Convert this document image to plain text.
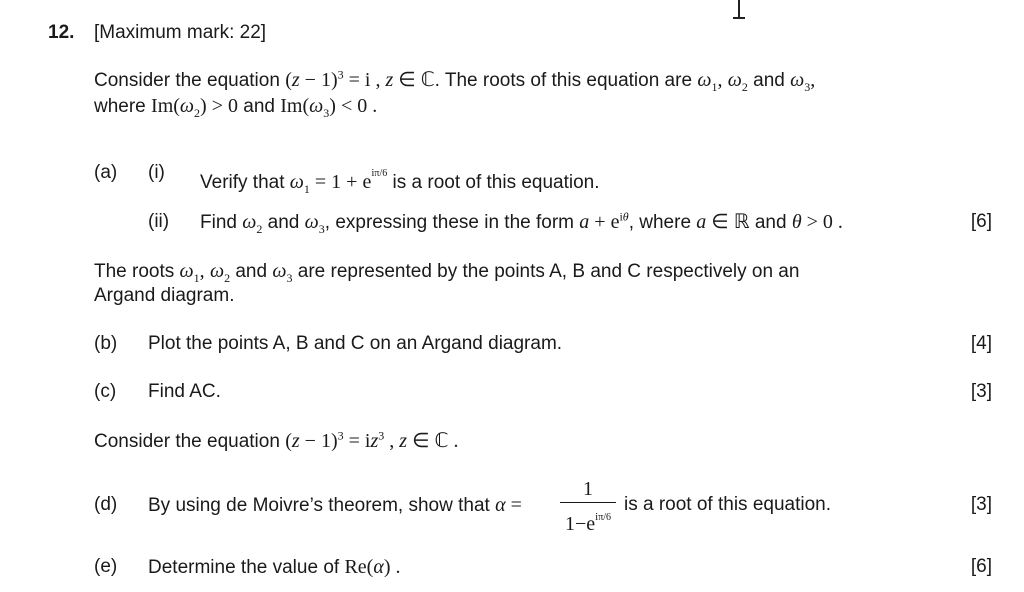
12. [Maximum mark: 22]
Consider the equation $(z - 1)^3 = i$ , z ∈ ℂ. The roots of this equation are $\omega_1$, $\omega_2$ and $\omega_3$,
where $Im(\omega_2) > 0$ and $Im(\omega_3) < 0$ .
(a) (i) Verify that $\omega_1 = 1 + e^{i\pi/6}$ is a root of this equation.
(ii) Find $\omega_2$ and $\omega_3$, expressing these in the form $a + e^{i\theta}$, where a ∈ ℝ and θ > 0 .	[6]
The roots $\omega_1$, $\omega_2$ and $\omega_3$ are represented by the points A, B and C respectively on an
Argand diagram.
(b) Plot the points A, B and C on an Argand diagram.	[4]
(c) Find AC.	[3]
Consider the equation $(z - 1)^3 = iz^3$ , z ∈ ℂ .
(d) By using de Moivre’s theorem, show that $\alpha = \frac{1}{1-e^{i\pi/6}}$ is a root of this equation.	[3]
(e) Determine the value of Re(α) .	[6]
